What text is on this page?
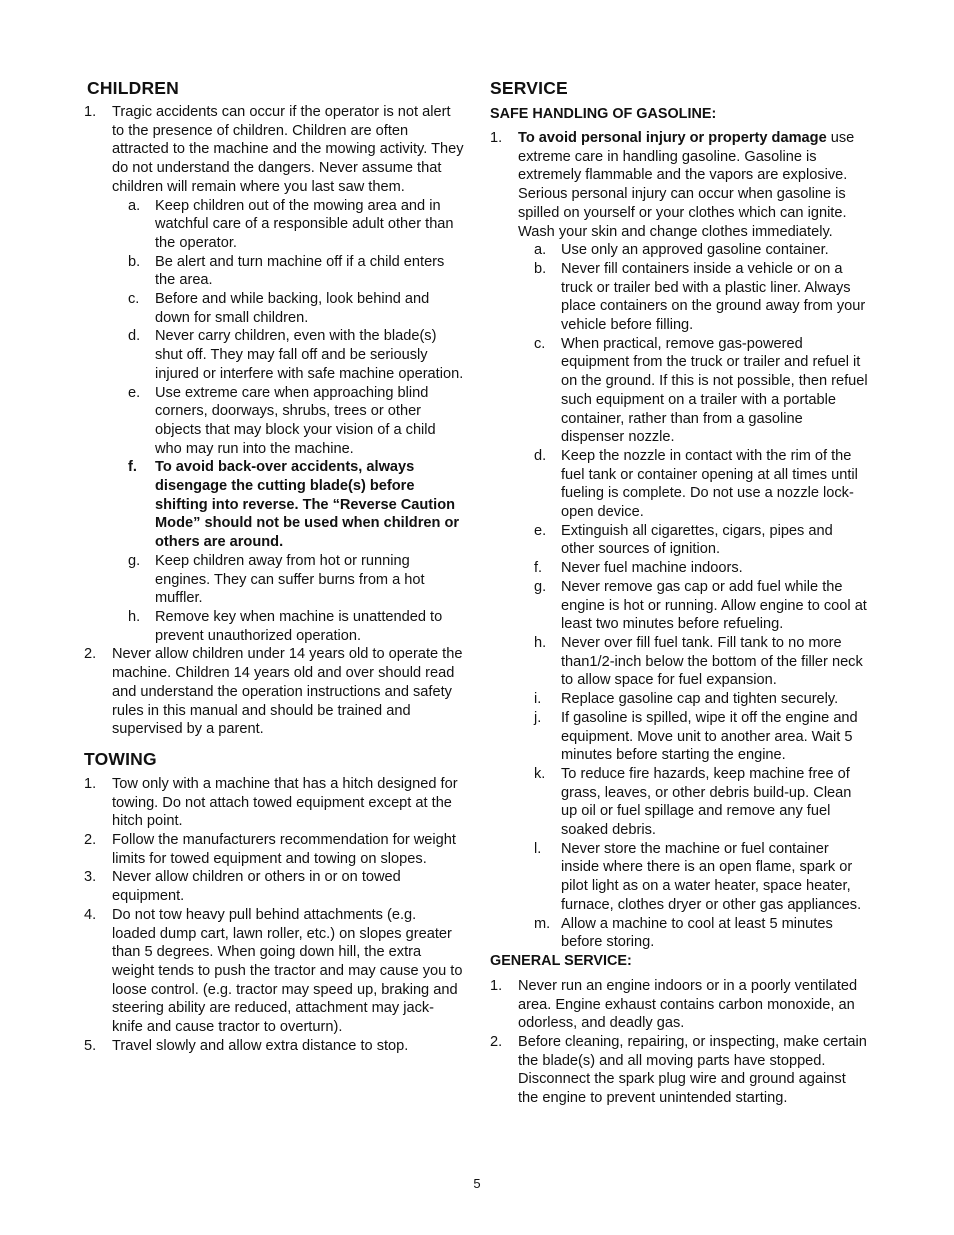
CHILDREN
1. Tragic accidents can occur if the operator is not alert to the presence of children. Children are often attracted to the machine and the mowing activity. They do not understand the dangers. Never assume that children will remain where you last saw them.
a. Keep children out of the mowing area and in watchful care of a responsible adult other than the operator.
b. Be alert and turn machine off if a child enters the area.
c. Before and while backing, look behind and down for small children.
d. Never carry children, even with the blade(s) shut off. They may fall off and be seriously injured or interfere with safe machine operation.
e. Use extreme care when approaching blind corners, doorways, shrubs, trees or other objects that may block your vision of a child who may run into the machine.
f. To avoid back-over accidents, always disengage the cutting blade(s) before shifting into reverse. The “Reverse Caution Mode” should not be used when children or others are around.
g. Keep children away from hot or running engines. They can suffer burns from a hot muffler.
h. Remove key when machine is unattended to prevent unauthorized operation.
2. Never allow children under 14 years old to operate the machine. Children 14 years old and over should read and understand the operation instructions and safety rules in this manual and should be trained and supervised by a parent.
TOWING
1. Tow only with a machine that has a hitch designed for towing. Do not attach towed equipment except at the hitch point.
2. Follow the manufacturers recommendation for weight limits for towed equipment and towing on slopes.
3. Never allow children or others in or on towed equipment.
4. Do not tow heavy pull behind attachments (e.g. loaded dump cart, lawn roller, etc.) on slopes greater than 5 degrees. When going down hill, the extra weight tends to push the tractor and may cause you to loose control. (e.g. tractor may speed up, braking and steering ability are reduced, attachment may jack-knife and cause tractor to overturn).
5. Travel slowly and allow extra distance to stop.
SERVICE
SAFE HANDLING OF GASOLINE:
1. To avoid personal injury or property damage use extreme care in handling gasoline. Gasoline is extremely flammable and the vapors are explosive. Serious personal injury can occur when gasoline is spilled on yourself or your clothes which can ignite. Wash your skin and change clothes immediately.
a. Use only an approved gasoline container.
b. Never fill containers inside a vehicle or on a truck or trailer bed with a plastic liner. Always place containers on the ground away from your vehicle before filling.
c. When practical, remove gas-powered equipment from the truck or trailer and refuel it on the ground. If this is not possible, then refuel such equipment on a trailer with a portable container, rather than from a gasoline dispenser nozzle.
d. Keep the nozzle in contact with the rim of the fuel tank or container opening at all times until fueling is complete. Do not use a nozzle lock-open device.
e. Extinguish all cigarettes, cigars, pipes and other sources of ignition.
f. Never fuel machine indoors.
g. Never remove gas cap or add fuel while the engine is hot or running. Allow engine to cool at least two minutes before refueling.
h. Never over fill fuel tank. Fill tank to no more than1/2-inch below the bottom of the filler neck to allow space for fuel expansion.
i. Replace gasoline cap and tighten securely.
j. If gasoline is spilled, wipe it off the engine and equipment. Move unit to another area. Wait 5 minutes before starting the engine.
k. To reduce fire hazards, keep machine free of grass, leaves, or other debris build-up. Clean up oil or fuel spillage and remove any fuel soaked debris.
l. Never store the machine or fuel container inside where there is an open flame, spark or pilot light as on a water heater, space heater, furnace, clothes dryer or other gas appliances.
m. Allow a machine to cool at least 5 minutes before storing.
GENERAL SERVICE:
1. Never run an engine indoors or in a poorly ventilated area. Engine exhaust contains carbon monoxide, an odorless, and deadly gas.
2. Before cleaning, repairing, or inspecting, make certain the blade(s) and all moving parts have stopped. Disconnect the spark plug wire and ground against the engine to prevent unintended starting.
5
